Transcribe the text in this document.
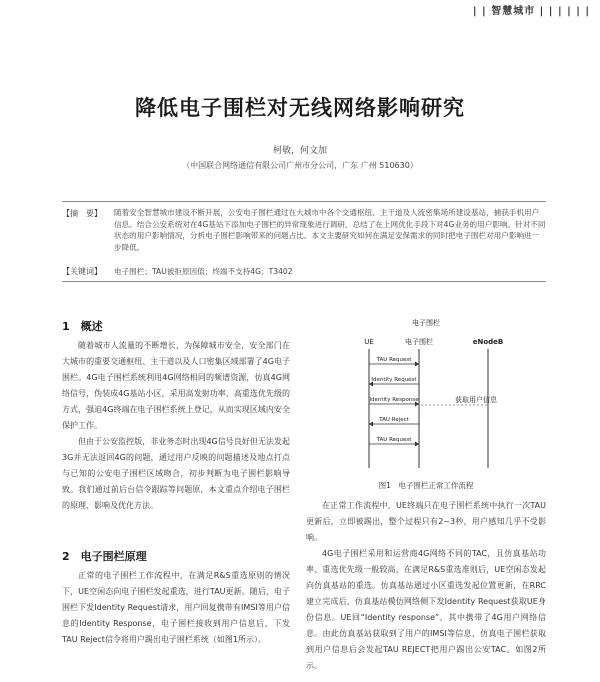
| | 智慧城市 | | | | | |
降低电子围栏对无线网络影响研究
柯敏，何文加
（中国联合网络通信有限公司广州市分公司，广东 广州 510630）
【摘　要】 随着安全智慧城市建设不断开展，公安电子围栏通过在大城市中各个交通枢纽、主干道及人流密集场所建设基站，捕获手机用户信息。结合公安系统对在4G基站下添加电子围栏的异常现象进行调研，总结了在上网优化手段下对4G业务的用户影响。针对不同状态的用户影响情况，分析电子围栏影响带来的问题占比。本文主要研究如何在满足安保需求的同时把电子围栏对用户影响进一步降低。
【关键词】 电子围栏；TAU被拒原因值；终端不支持4G；T3402
1　概述

随着城市人流量的不断增长，为保障城市安全，安全部门在大城市的重要交通枢纽、主干道以及人口密集区域部署了4G电子围栏。4G电子围栏系统利用4G网络相同的频谱资源，仿真4G网络信号，伪装成4G基站小区，采用高发射功率、高重选优先级的方式，强迫4G终端在电子围栏系统上登记，从而实现区域内安全保护工作。

但由于公安监控版，非业务态时出现4G信号良好但无法发起3G并无法返回4G的问题，通过用户反映的问题描述及地点打点与已知的公安电子围栏区域吻合，初步判断为电子围栏影响导致。我们通过前后台信令跟踪等问题原，本文重点介绍电子围栏的原理、影响及优化方法。

2　电子围栏原理

正常的电子围栏工作流程中，在满足R&S重选原则的情况下，UE空闲态向电子围栏发起重选，进行TAU更新。随后，电子围栏下发Identity Request请求，用户回复携带有IMSI等用户信息的Identity Response，电子围栏接收到用户信息后，下发TAU Reject信令将用户踢出电子围栏系统（如图1所示）。

电子围栏
UE	电子围栏	eNodeB
TAU Request
Identity Request
Identity Response
TAU Reject
TAU Request
获取用户信息
图1　电子围栏正常工作流程

在正常工作流程中，UE终端只在电子围栏系统中执行一次TAU更新后，立即被踢出，整个过程只有2~3秒，用户感知几乎不受影响。

4G电子围栏采用和运营商4G网络不同的TAC，且仿真基站功率、重选优先级一般较高，在满足R&S重选准则后，UE空闲态发起向仿真基站的重选。仿真基站通过小区重选发起位置更新，在RRC建立完成后，仿真基站模仿网络侧下发Identity Request获取UE身份信息。UE回“Identity response”，其中携带了4G用户网络信息。由此仿真基站获取到了用户的IMSI等信息，仿真电子围栏获取到用户信息后会发起TAU REJECT把用户踢出公安TAC。如图2所示。
